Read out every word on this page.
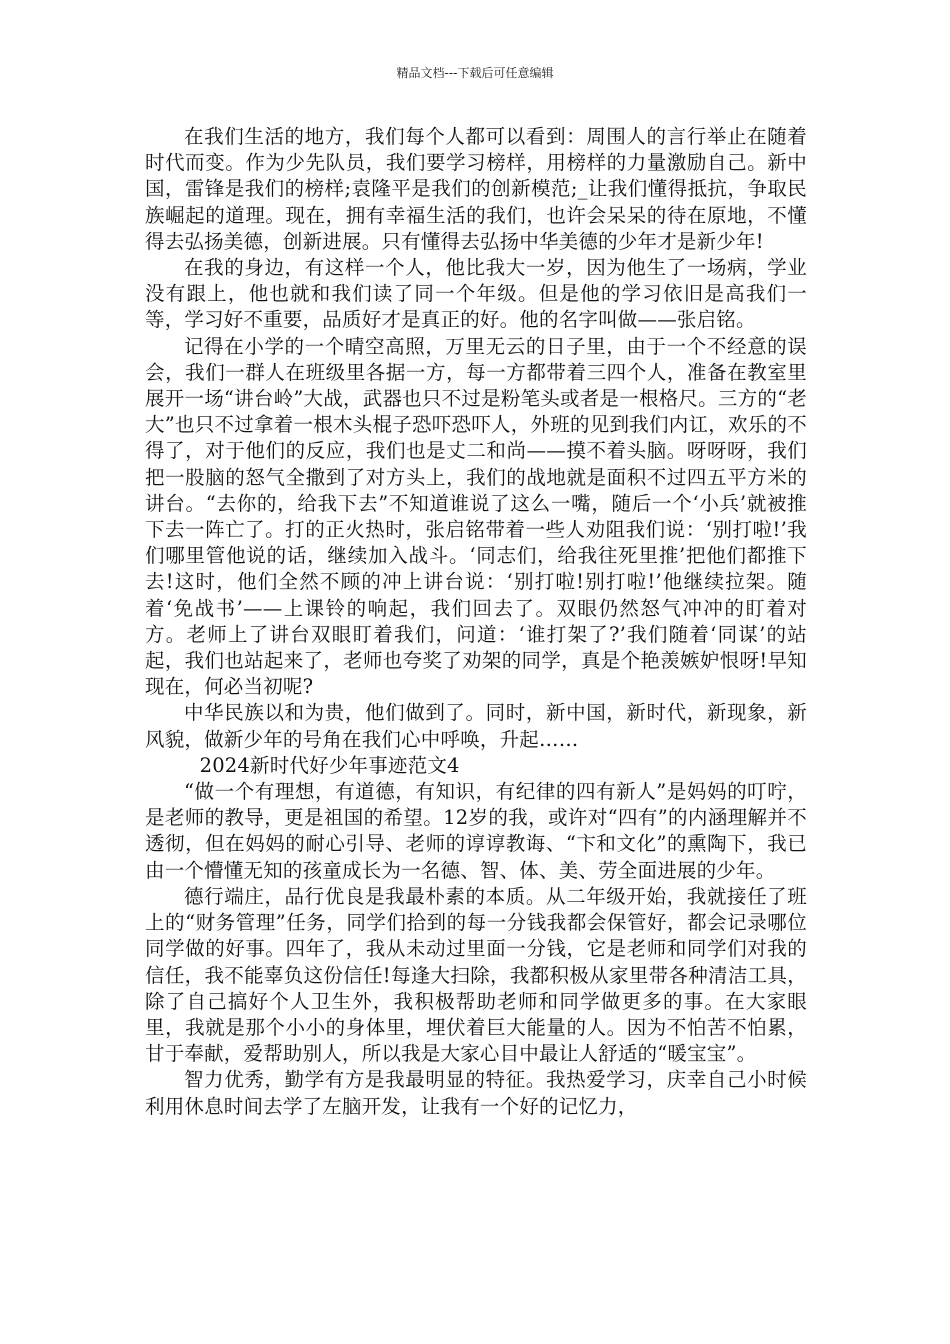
精品文档---下载后可任意编辑

在我们生活的地方，我们每个人都可以看到：周围人的言行举止在随着时代而变。作为少先队员，我们要学习榜样，用榜样的力量激励自己。新中国，雷锋是我们的榜样;袁隆平是我们的创新模范;_让我们懂得抵抗，争取民族崛起的道理。现在，拥有幸福生活的我们，也许会呆呆的待在原地，不懂得去弘扬美德，创新进展。只有懂得去弘扬中华美德的少年才是新少年!

在我的身边，有这样一个人，他比我大一岁，因为他生了一场病，学业没有跟上，他也就和我们读了同一个年级。但是他的学习依旧是高我们一等，学习好不重要，品质好才是真正的好。他的名字叫做——张启铭。

记得在小学的一个晴空高照，万里无云的日子里，由于一个不经意的误会，我们一群人在班级里各据一方，每一方都带着三四个人，准备在教室里展开一场“讲台岭”大战，武器也只不过是粉笔头或者是一根格尺。三方的“老大”也只不过拿着一根木头棍子恐吓恐吓人，外班的见到我们内讧，欢乐的不得了，对于他们的反应，我们也是丈二和尚——摸不着头脑。呀呀呀，我们把一股脑的怒气全撒到了对方头上，我们的战地就是面积不过四五平方米的讲台。“去你的，给我下去”不知道谁说了这么一嘴，随后一个‘小兵’就被推下去一阵亡了。打的正火热时，张启铭带着一些人劝阻我们说：‘别打啦!’我们哪里管他说的话，继续加入战斗。‘同志们，给我往死里推’把他们都推下去!这时，他们全然不顾的冲上讲台说：‘别打啦!别打啦!’他继续拉架。随着‘免战书’——上课铃的响起，我们回去了。双眼仍然怒气冲冲的盯着对方。老师上了讲台双眼盯着我们，问道：‘谁打架了?’我们随着‘同谋’的站起，我们也站起来了，老师也夸奖了劝架的同学，真是个艳羡嫉妒恨呀!早知现在，何必当初呢?

中华民族以和为贵，他们做到了。同时，新中国，新时代，新现象，新风貌，做新少年的号角在我们心中呼唤，升起……

2024新时代好少年事迹范文4

“做一个有理想，有道德，有知识，有纪律的四有新人”是妈妈的叮咛，是老师的教导，更是祖国的希望。12岁的我，或许对“四有”的内涵理解并不透彻，但在妈妈的耐心引导、老师的谆谆教诲、“卞和文化”的熏陶下，我已由一个懵懂无知的孩童成长为一名德、智、体、美、劳全面进展的少年。

德行端庄，品行优良是我最朴素的本质。从二年级开始，我就接任了班上的“财务管理”任务，同学们拾到的每一分钱我都会保管好，都会记录哪位同学做的好事。四年了，我从未动过里面一分钱，它是老师和同学们对我的信任，我不能辜负这份信任!每逢大扫除，我都积极从家里带各种清洁工具，除了自己搞好个人卫生外，我积极帮助老师和同学做更多的事。在大家眼里，我就是那个小小的身体里，埋伏着巨大能量的人。因为不怕苦不怕累，甘于奉献，爱帮助别人，所以我是大家心目中最让人舒适的“暖宝宝”。

智力优秀，勤学有方是我最明显的特征。我热爱学习，庆幸自己小时候利用休息时间去学了左脑开发，让我有一个好的记忆力，
